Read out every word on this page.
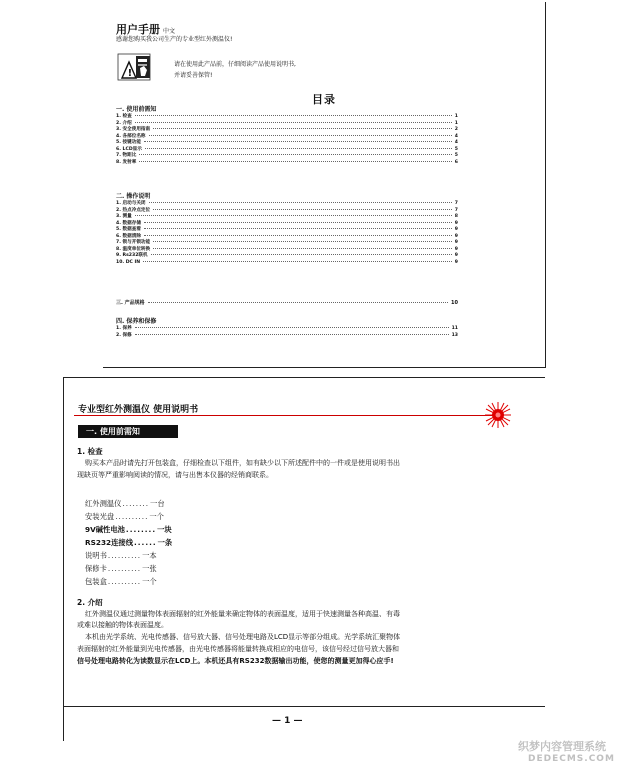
用户手册 中文
感谢您购买我公司生产的专业型红外测温仪!
!
请在使用此产品前，仔细阅读产品使用说明书,
并请妥善保管!
目录
一. 使用前需知
1. 检查	1
2. 介绍	1
3. 安全使用指南	2
4. 各部位名称	4
5. 按键功能	4
6. LCD显示	5
7. 物距比	5
8. 发射率	6
二. 操作说明
1. 启动与关闭	7
2. 热点冷点定位	7
3. 测量	8
4. 数据存储	9
5. 数据查看	9
6. 数据清除	9
7. 锁与开锁功能	9
8. 温度单位转换	9
9. Rs232联机	9
10. DC IN	9
三. 产品规格	10
四. 保养和保修
1. 保养	11
2. 保修	13
专业型红外测温仪 使用说明书
一. 使用前需知
1. 检查
购买本产品时请先打开包装盒，仔细检查以下组件，如有缺少以下所述配件中的一件或是使用说明书出
现缺页等严重影响阅读的情况，请与出售本仪器的经销商联系。
红外测温仪 ........ 一台
安装光盘 .......... 一个
9V碱性电池 ........ 一块
RS232连接线 ...... 一条
说明书 .......... 一本
保修卡 .......... 一张
包装盒 .......... 一个
2. 介绍
红外测温仪通过测量物体表面辐射的红外能量来确定物体的表面温度，适用于快速测量各种高温、有毒
或难以接触的物体表面温度。
本机由光学系统、光电传感器、信号放大器、信号处理电路及LCD显示等部分组成。光学系统汇聚物体
表面辐射的红外能量到光电传感器，由光电传感器将能量转换成相应的电信号，该信号经过信号放大器和
信号处理电路转化为读数显示在LCD上。本机还具有RS232数据输出功能，使您的测量更加得心应手!
— 1 —
织梦内容管理系统
DEDECMS.COM
